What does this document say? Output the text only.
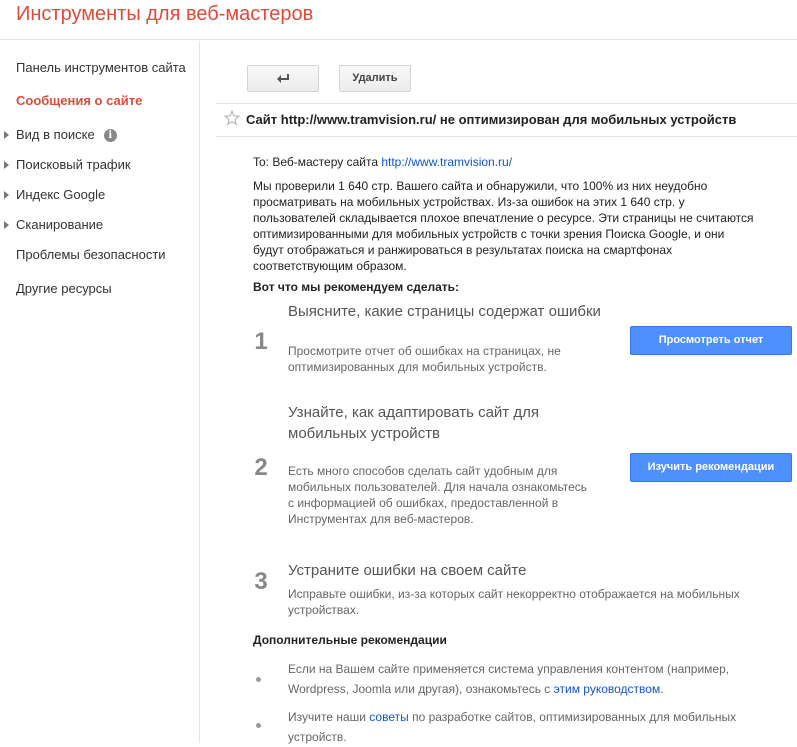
Инструменты для веб-мастеров
Панель инструментов сайта
Сообщения о сайте
Вид в поиске i
Поисковый трафик
Индекс Google
Сканирование
Проблемы безопасности
Другие ресурсы
Удалить
Сайт http://www.tramvision.ru/ не оптимизирован для мобильных устройств
To: Веб-мастеру сайта http://www.tramvision.ru/
Мы проверили 1 640 стр. Вашего сайта и обнаружили, что 100% из них неудобно
просматривать на мобильных устройствах. Из-за ошибок на этих 1 640 стр. у
пользователей складывается плохое впечатление о ресурсе. Эти страницы не считаются
оптимизированными для мобильных устройств с точки зрения Поиска Google, и они
будут отображаться и ранжироваться в результатах поиска на смартфонах
соответствующим образом.
Вот что мы рекомендуем сделать:
1
Выясните, какие страницы содержат ошибки
Просмотрите отчет об ошибках на страницах, не
оптимизированных для мобильных устройств.
Просмотреть отчет
2
Узнайте, как адаптировать сайт для
мобильных устройств
Есть много способов сделать сайт удобным для
мобильных пользователей. Для начала ознакомьтесь
с информацией об ошибках, предоставленной в
Инструментах для веб-мастеров.
Изучить рекомендации
3 Устраните ошибки на своем сайте
Исправьте ошибки, из-за которых сайт некорректно отображается на мобильных
устройствах.
Дополнительные рекомендации
Если на Вашем сайте применяется система управления контентом (например,
Wordpress, Joomla или другая), ознакомьтесь с этим руководством.
Изучите наши советы по разработке сайтов, оптимизированных для мобильных
устройств.
